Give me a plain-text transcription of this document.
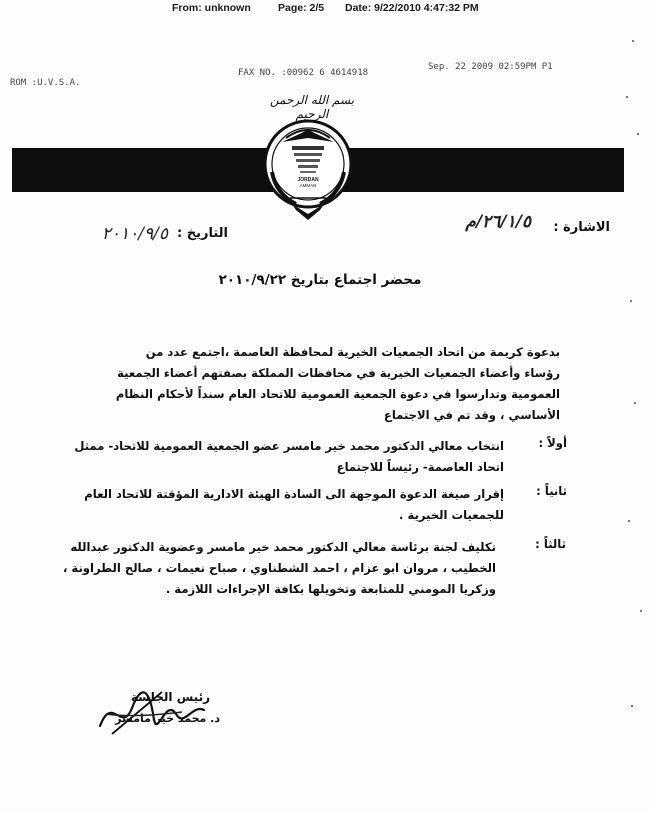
From: unknown	Page: 2/5 Date: 9/22/2010 4:47:32 PM
ROM :U.V.S.A.
FAX NO. :00962 6 4614918
Sep. 22 2009 02:59PM P1
بسم الله الرحمن الرحيم
JORDAN
AMMAN
الاشارة :
٢٦/١/٥/م
التاريخ :
٢٠١٠/٩/٥
محضر اجتماع بتاريخ ٢٠١٠/٩/٢٢
بدعوة كريمة من اتحاد الجمعيات الخيرية لمحافظة العاصمة ،اجتمع عدد من
رؤساء وأعضاء الجمعيات الخيرية في محافظات المملكة بصفتهم أعضاء الجمعية
العمومية وتدارسوا في دعوة الجمعية العمومية للاتحاد العام سنداً لأحكام النظام
الأساسي ، وقد تم في الاجتماع
أولاً :
انتخاب معالي الدكتور محمد خير مامسر عضو الجمعية العمومية للاتحاد- ممثل
اتحاد العاصمة- رئيساً للاجتماع
ثانياً :
إقرار صيغة الدعوة الموجهة الى السادة الهيئة الادارية المؤقتة للاتحاد العام
للجمعيات الخيرية .
ثالثاً :
تكليف لجنة برئاسة معالي الدكتور محمد خير مامسر وعضوية الدكتور عبدالله
الخطيب ، مروان ابو عزام ، احمد الشطناوي ، صباح نعيمات ، صالح الطراونة ،
وزكريا المومني للمتابعة وتخويلها بكافة الإجراءات اللازمة .
رئيس الجلسة
د. محمد خير مامسر
